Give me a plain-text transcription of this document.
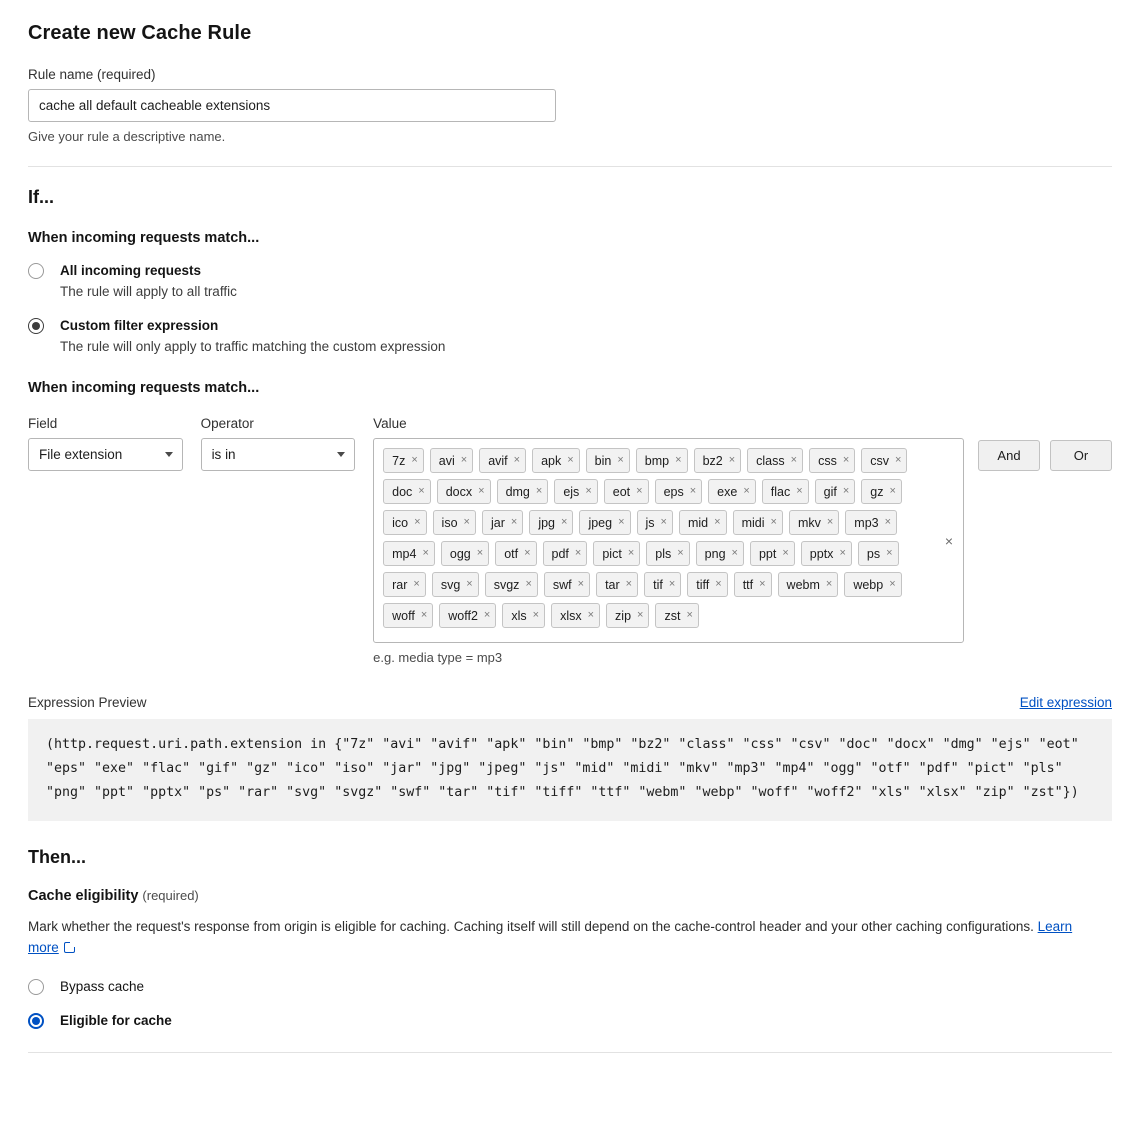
Create new Cache Rule
Rule name (required)
cache all default cacheable extensions
Give your rule a descriptive name.
If...
When incoming requests match...
All incoming requests
The rule will apply to all traffic
Custom filter expression
The rule will only apply to traffic matching the custom expression
When incoming requests match...
Field
File extension
Operator
is in
Value
7z × avi × avif × apk × bin × bmp × bz2 × class × css × csv ×
doc × docx × dmg × ejs × eot × eps × exe × flac × gif × gz ×
ico × iso × jar × jpg × jpeg × js × mid × midi × mkv × mp3 ×
mp4 × ogg × otf × pdf × pict × pls × png × ppt × pptx × ps ×
rar × svg × svgz × swf × tar × tif × tiff × ttf × webm × webp ×
woff × woff2 × xls × xlsx × zip × zst ×
×
e.g. media type = mp3
And	Or
Expression Preview	Edit expression
(http.request.uri.path.extension in {"7z" "avi" "avif" "apk" "bin" "bmp" "bz2" "class" "css" "csv" "doc" "docx" "dmg" "ejs" "eot" "eps" "exe" "flac" "gif" "gz" "ico" "iso" "jar" "jpg" "jpeg" "js" "mid" "midi" "mkv" "mp3" "mp4" "ogg" "otf" "pdf" "pict" "pls" "png" "ppt" "pptx" "ps" "rar" "svg" "svgz" "swf" "tar" "tif" "tiff" "ttf" "webm" "webp" "woff" "woff2" "xls" "xlsx" "zip" "zst"})
Then...
Cache eligibility (required)
Mark whether the request's response from origin is eligible for caching. Caching itself will still depend on the cache-control header and your other caching configurations. Learn more
Bypass cache
Eligible for cache
